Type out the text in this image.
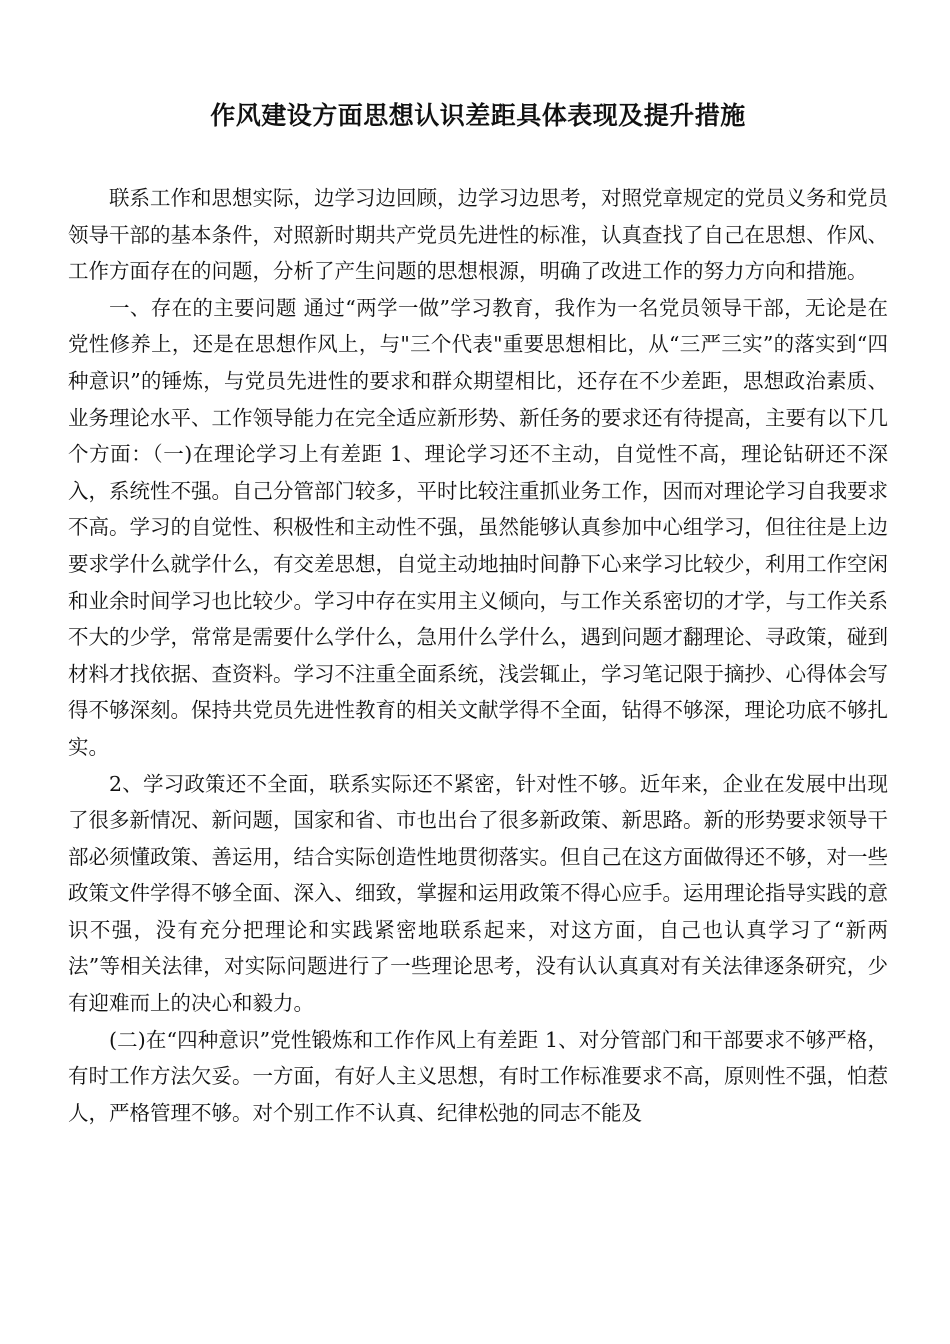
作风建设方面思想认识差距具体表现及提升措施

联系工作和思想实际，边学习边回顾，边学习边思考，对照党章规定的党员义务和党员领导干部的基本条件，对照新时期共产党员先进性的标准，认真查找了自己在思想、作风、工作方面存在的问题，分析了产生问题的思想根源，明确了改进工作的努力方向和措施。

一、存在的主要问题 通过“两学一做”学习教育，我作为一名党员领导干部，无论是在党性修养上，还是在思想作风上，与"三个代表"重要思想相比，从“三严三实”的落实到“四种意识”的锤炼，与党员先进性的要求和群众期望相比，还存在不少差距，思想政治素质、业务理论水平、工作领导能力在完全适应新形势、新任务的要求还有待提高，主要有以下几个方面：（一)在理论学习上有差距 1、理论学习还不主动，自觉性不高，理论钻研还不深入，系统性不强。自己分管部门较多，平时比较注重抓业务工作，因而对理论学习自我要求不高。学习的自觉性、积极性和主动性不强，虽然能够认真参加中心组学习，但往往是上边要求学什么就学什么，有交差思想，自觉主动地抽时间静下心来学习比较少，利用工作空闲和业余时间学习也比较少。学习中存在实用主义倾向，与工作关系密切的才学，与工作关系不大的少学，常常是需要什么学什么，急用什么学什么，遇到问题才翻理论、寻政策，碰到材料才找依据、查资料。学习不注重全面系统，浅尝辄止，学习笔记限于摘抄、心得体会写得不够深刻。保持共党员先进性教育的相关文献学得不全面，钻得不够深，理论功底不够扎实。

2、学习政策还不全面，联系实际还不紧密，针对性不够。近年来，企业在发展中出现了很多新情况、新问题，国家和省、市也出台了很多新政策、新思路。新的形势要求领导干部必须懂政策、善运用，结合实际创造性地贯彻落实。但自己在这方面做得还不够，对一些政策文件学得不够全面、深入、细致，掌握和运用政策不得心应手。运用理论指导实践的意识不强，没有充分把理论和实践紧密地联系起来，对这方面，自己也认真学习了“新两法”等相关法律，对实际问题进行了一些理论思考，没有认认真真对有关法律逐条研究，少有迎难而上的决心和毅力。

(二)在“四种意识”党性锻炼和工作作风上有差距 1、对分管部门和干部要求不够严格，有时工作方法欠妥。一方面，有好人主义思想，有时工作标准要求不高，原则性不强，怕惹人，严格管理不够。对个别工作不认真、纪律松弛的同志不能及
